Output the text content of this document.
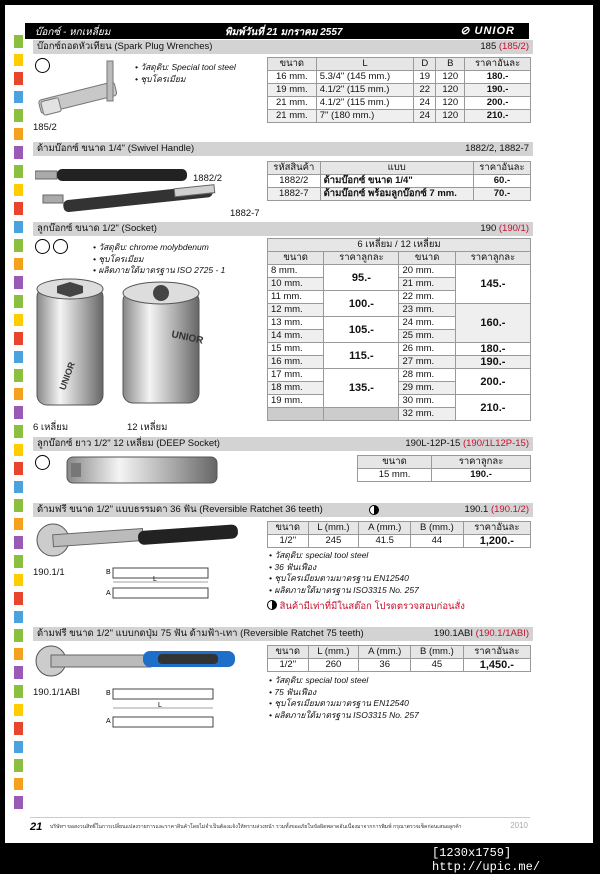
บ๊อกซ์ - หกเหลี่ยม	พิมพ์วันที่ 21 มกราคม 2557	⊘ UNIOR
บ๊อกซ์ถอดหัวเทียน (Spark Plug Wrenches)	185 (185/2)
185/2
• วัสดุดิบ: Special tool steel
• ชุบโครเมียม
ขนาด	L	D	B	ราคาอันละ
16 mm.	5.3/4" (145 mm.)	19	120	180.-
19 mm.	4.1/2" (115 mm.)	22	120	190.-
21 mm.	4.1/2" (115 mm.)	24	120	200.-
21 mm.	7" (180 mm.)	24	120	210.-
ด้ามบ๊อกซ์ ขนาด 1/4" (Swivel Handle)	1882/2, 1882-7
1882/2
1882-7
รหัสสินค้า	แบบ	ราคาอันละ
1882/2	ด้ามบ๊อกซ์ ขนาด 1/4"	60.-
1882-7	ด้ามบ๊อกซ์ พร้อมลูกบ๊อกซ์ 7 mm.	70.-
ลูกบ๊อกซ์ ขนาด 1/2" (Socket)	190 (190/1)
• วัสดุดิบ: chrome molybdenum
• ชุบโครเมียม
• ผลิตภายใต้มาตรฐาน ISO 2725 - 1
UNIOR
UNIOR
6 เหลี่ยม	12 เหลี่ยม
6 เหลี่ยม / 12 เหลี่ยม			
ขนาด	ราคาลูกละ	ขนาด	ราคาลูกละ
8 mm.	95.-	20 mm.	145.-
10 mm.		21 mm.	
11 mm.	100.-	22 mm.	
12 mm.		23 mm.	160.-
13 mm.	105.-	24 mm.	
14 mm.		25 mm.	
15 mm.	115.-	26 mm.	180.-
16 mm.		27 mm.	190.-
17 mm.	135.-	28 mm.	200.-
18 mm.		29 mm.	
19 mm.		30 mm.	210.-
		32 mm.	
ลูกบ๊อกซ์ ยาว 1/2" 12 เหลี่ยม (DEEP Socket)	190L-12P-15 (190/1L12P-15)
ขนาด	ราคาลูกละ
15 mm.	190.-
ด้ามฟรี ขนาด 1/2" แบบธรรมดา 36 ฟัน (Reversible Ratchet 36 teeth)	190.1 (190.1/2)
B
A
L
190.1/1
ขนาด	L (mm.)	A (mm.)	B (mm.)	ราคาอันละ
1/2"	245	41.5	44	1,200.-
• วัสดุดิบ: special tool steel
• 36 ฟันเฟือง
• ชุบโครเมียมตามมาตรฐาน EN12540
• ผลิตภายใต้มาตรฐาน ISO3315 No. 257
สินค้ามีเท่าที่มีในสต๊อก โปรดตรวจสอบก่อนสั่ง
ด้ามฟรี ขนาด 1/2" แบบกดปุ่ม 75 ฟัน ด้ามฟ้า-เทา (Reversible Ratchet 75 teeth)	190.1ABI (190.1/1ABI)
B
A
L
190.1/1ABI
ขนาด	L (mm.)	A (mm.)	B (mm.)	ราคาอันละ
1/2"	260	36	45	1,450.-
• วัสดุดิบ: special tool steel
• 75 ฟันเฟือง
• ชุบโครเมียมตามมาตรฐาน EN12540
• ผลิตภายใต้มาตรฐาน ISO3315 No. 257
21 บริษัทฯ ขอสงวนสิทธิ์ในการเปลี่ยนแปลงรายการและราคาสินค้าโดยไม่จำเป็นต้องแจ้งให้ทราบล่วงหน้า รวมทั้งขออภัยในข้อผิดพลาดอันเนื่องมาจากการพิมพ์ กรุณาตรวจเช็คก่อนเสนอลูกค้า	2010
[1230x1759] http://upic.me/
